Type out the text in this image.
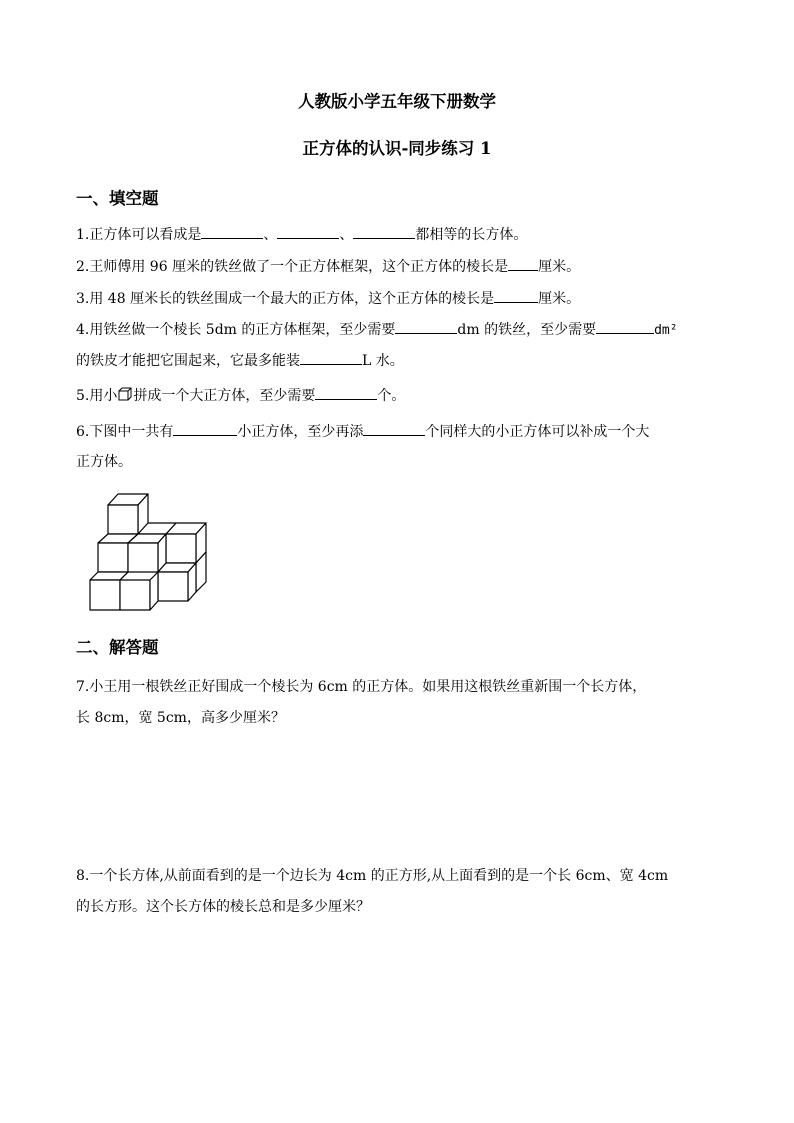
人教版小学五年级下册数学
正方体的认识-同步练习 1
一、填空题
1.正方体可以看成是	、	、	都相等的长方体。
2.王师傅用 96 厘米的铁丝做了一个正方体框架，这个正方体的棱长是 厘米。
3.用 48 厘米长的铁丝围成一个最大的正方体，这个正方体的棱长是	厘米。
4.用铁丝做一个棱长 5dm 的正方体框架，至少需要	dm 的铁丝，至少需要	dm²
的铁皮才能把它围起来，它最多能装	L 水。
5.用小 拼成一个大正方体，至少需要	个。
6.下图中一共有	小正方体，至少再添	个同样大的小正方体可以补成一个大
正方体。
二、解答题
7.小王用一根铁丝正好围成一个棱长为 6cm 的正方体。如果用这根铁丝重新围一个长方体，
长 8cm，宽 5cm，高多少厘米？
8.一个长方体,从前面看到的是一个边长为 4cm 的正方形,从上面看到的是一个长 6cm、宽 4cm
的长方形。这个长方体的棱长总和是多少厘米？
